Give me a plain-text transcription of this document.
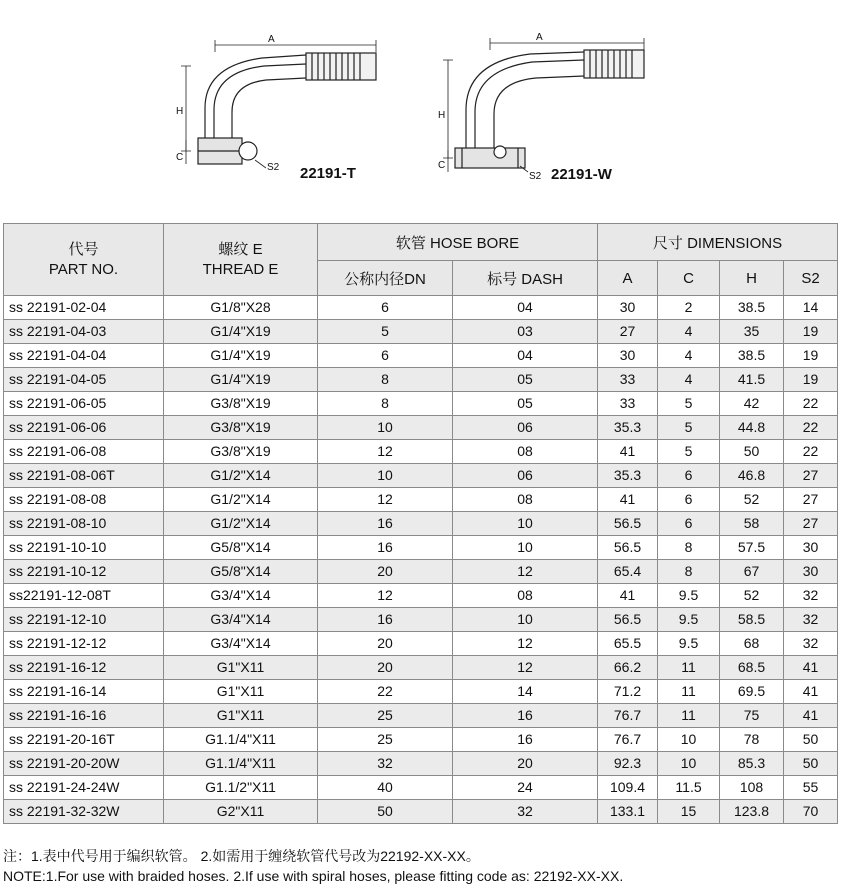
A
H
C
S2 22191-T
A
H
C
S2 22191-W
代号
PART NO.	螺纹 E
THREAD E	软管 HOSE BORE		尺寸 DIMENSIONS			
		公称内径DN	标号 DASH	A	C	H	S2
ss 22191-02-04	G1/8"X28	6	04	30	2	38.5	14
ss 22191-04-03	G1/4"X19	5	03	27	4	35	19
ss 22191-04-04	G1/4"X19	6	04	30	4	38.5	19
ss 22191-04-05	G1/4"X19	8	05	33	4	41.5	19
ss 22191-06-05	G3/8"X19	8	05	33	5	42	22
ss 22191-06-06	G3/8"X19	10	06	35.3	5	44.8	22
ss 22191-06-08	G3/8"X19	12	08	41	5	50	22
ss 22191-08-06T	G1/2"X14	10	06	35.3	6	46.8	27
ss 22191-08-08	G1/2"X14	12	08	41	6	52	27
ss 22191-08-10	G1/2"X14	16	10	56.5	6	58	27
ss 22191-10-10	G5/8"X14	16	10	56.5	8	57.5	30
ss 22191-10-12	G5/8"X14	20	12	65.4	8	67	30
ss22191-12-08T	G3/4"X14	12	08	41	9.5	52	32
ss 22191-12-10	G3/4"X14	16	10	56.5	9.5	58.5	32
ss 22191-12-12	G3/4"X14	20	12	65.5	9.5	68	32
ss 22191-16-12	G1"X11	20	12	66.2	11	68.5	41
ss 22191-16-14	G1"X11	22	14	71.2	11	69.5	41
ss 22191-16-16	G1"X11	25	16	76.7	11	75	41
ss 22191-20-16T	G1.1/4"X11	25	16	76.7	10	78	50
ss 22191-20-20W	G1.1/4"X11	32	20	92.3	10	85.3	50
ss 22191-24-24W	G1.1/2"X11	40	24	109.4	11.5	108	55
ss 22191-32-32W	G2"X11	50	32	133.1	15	123.8	70
注：1.表中代号用于编织软管。 2.如需用于缠绕软管代号改为22192-XX-XX。
NOTE:1.For use with braided hoses. 2.If use with spiral hoses, please fitting code as: 22192-XX-XX.
